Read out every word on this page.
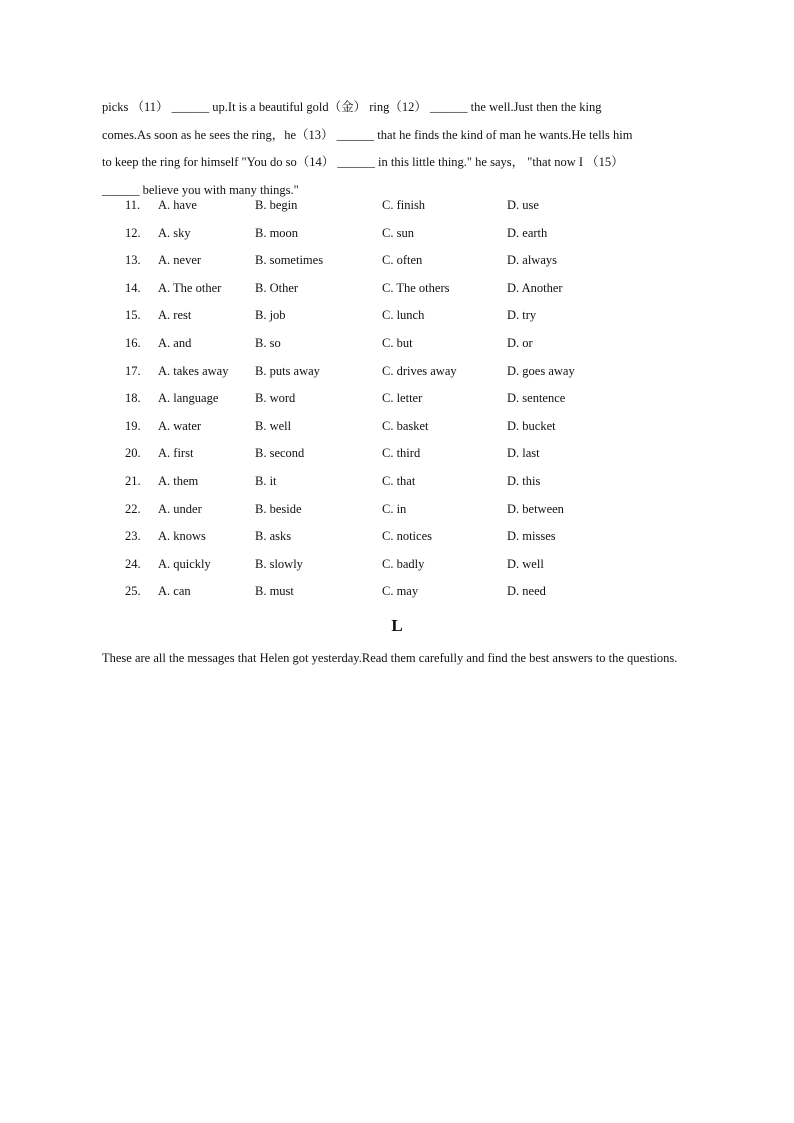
picks （11） ______ up.It is a beautiful gold（金） ring（12） ______ the well.Just then the king
comes.As soon as he sees the ring，he（13） ______ that he finds the kind of man he wants.He tells him
to keep the ring for himself "You do so（14） ______ in this little thing." he says， "that now I （15）
______ believe you with many things."
11. A. have	B. begin	C. finish	D. use
12. A. sky	B. moon	C. sun	D. earth
13. A. never	B. sometimes	C. often	D. always
14. A. The other	B. Other	C. The others	D. Another
15. A. rest	B. job	C. lunch	D. try
16. A. and	B. so	C. but	D. or
17. A. takes away B. puts away	C. drives away	D. goes away
18. A. language	B. word	C. letter	D. sentence
19. A. water	B. well	C. basket	D. bucket
20. A. first	B. second	C. third	D. last
21. A. them	B. it	C. that	D. this
22. A. under	B. beside	C. in	D. between
23. A. knows	B. asks	C. notices	D. misses
24. A. quickly	B. slowly	C. badly	D. well
25. A. can	B. must	C. may	D. need
L
These are all the messages that Helen got yesterday.Read them carefully and find the best answers to the questions.
